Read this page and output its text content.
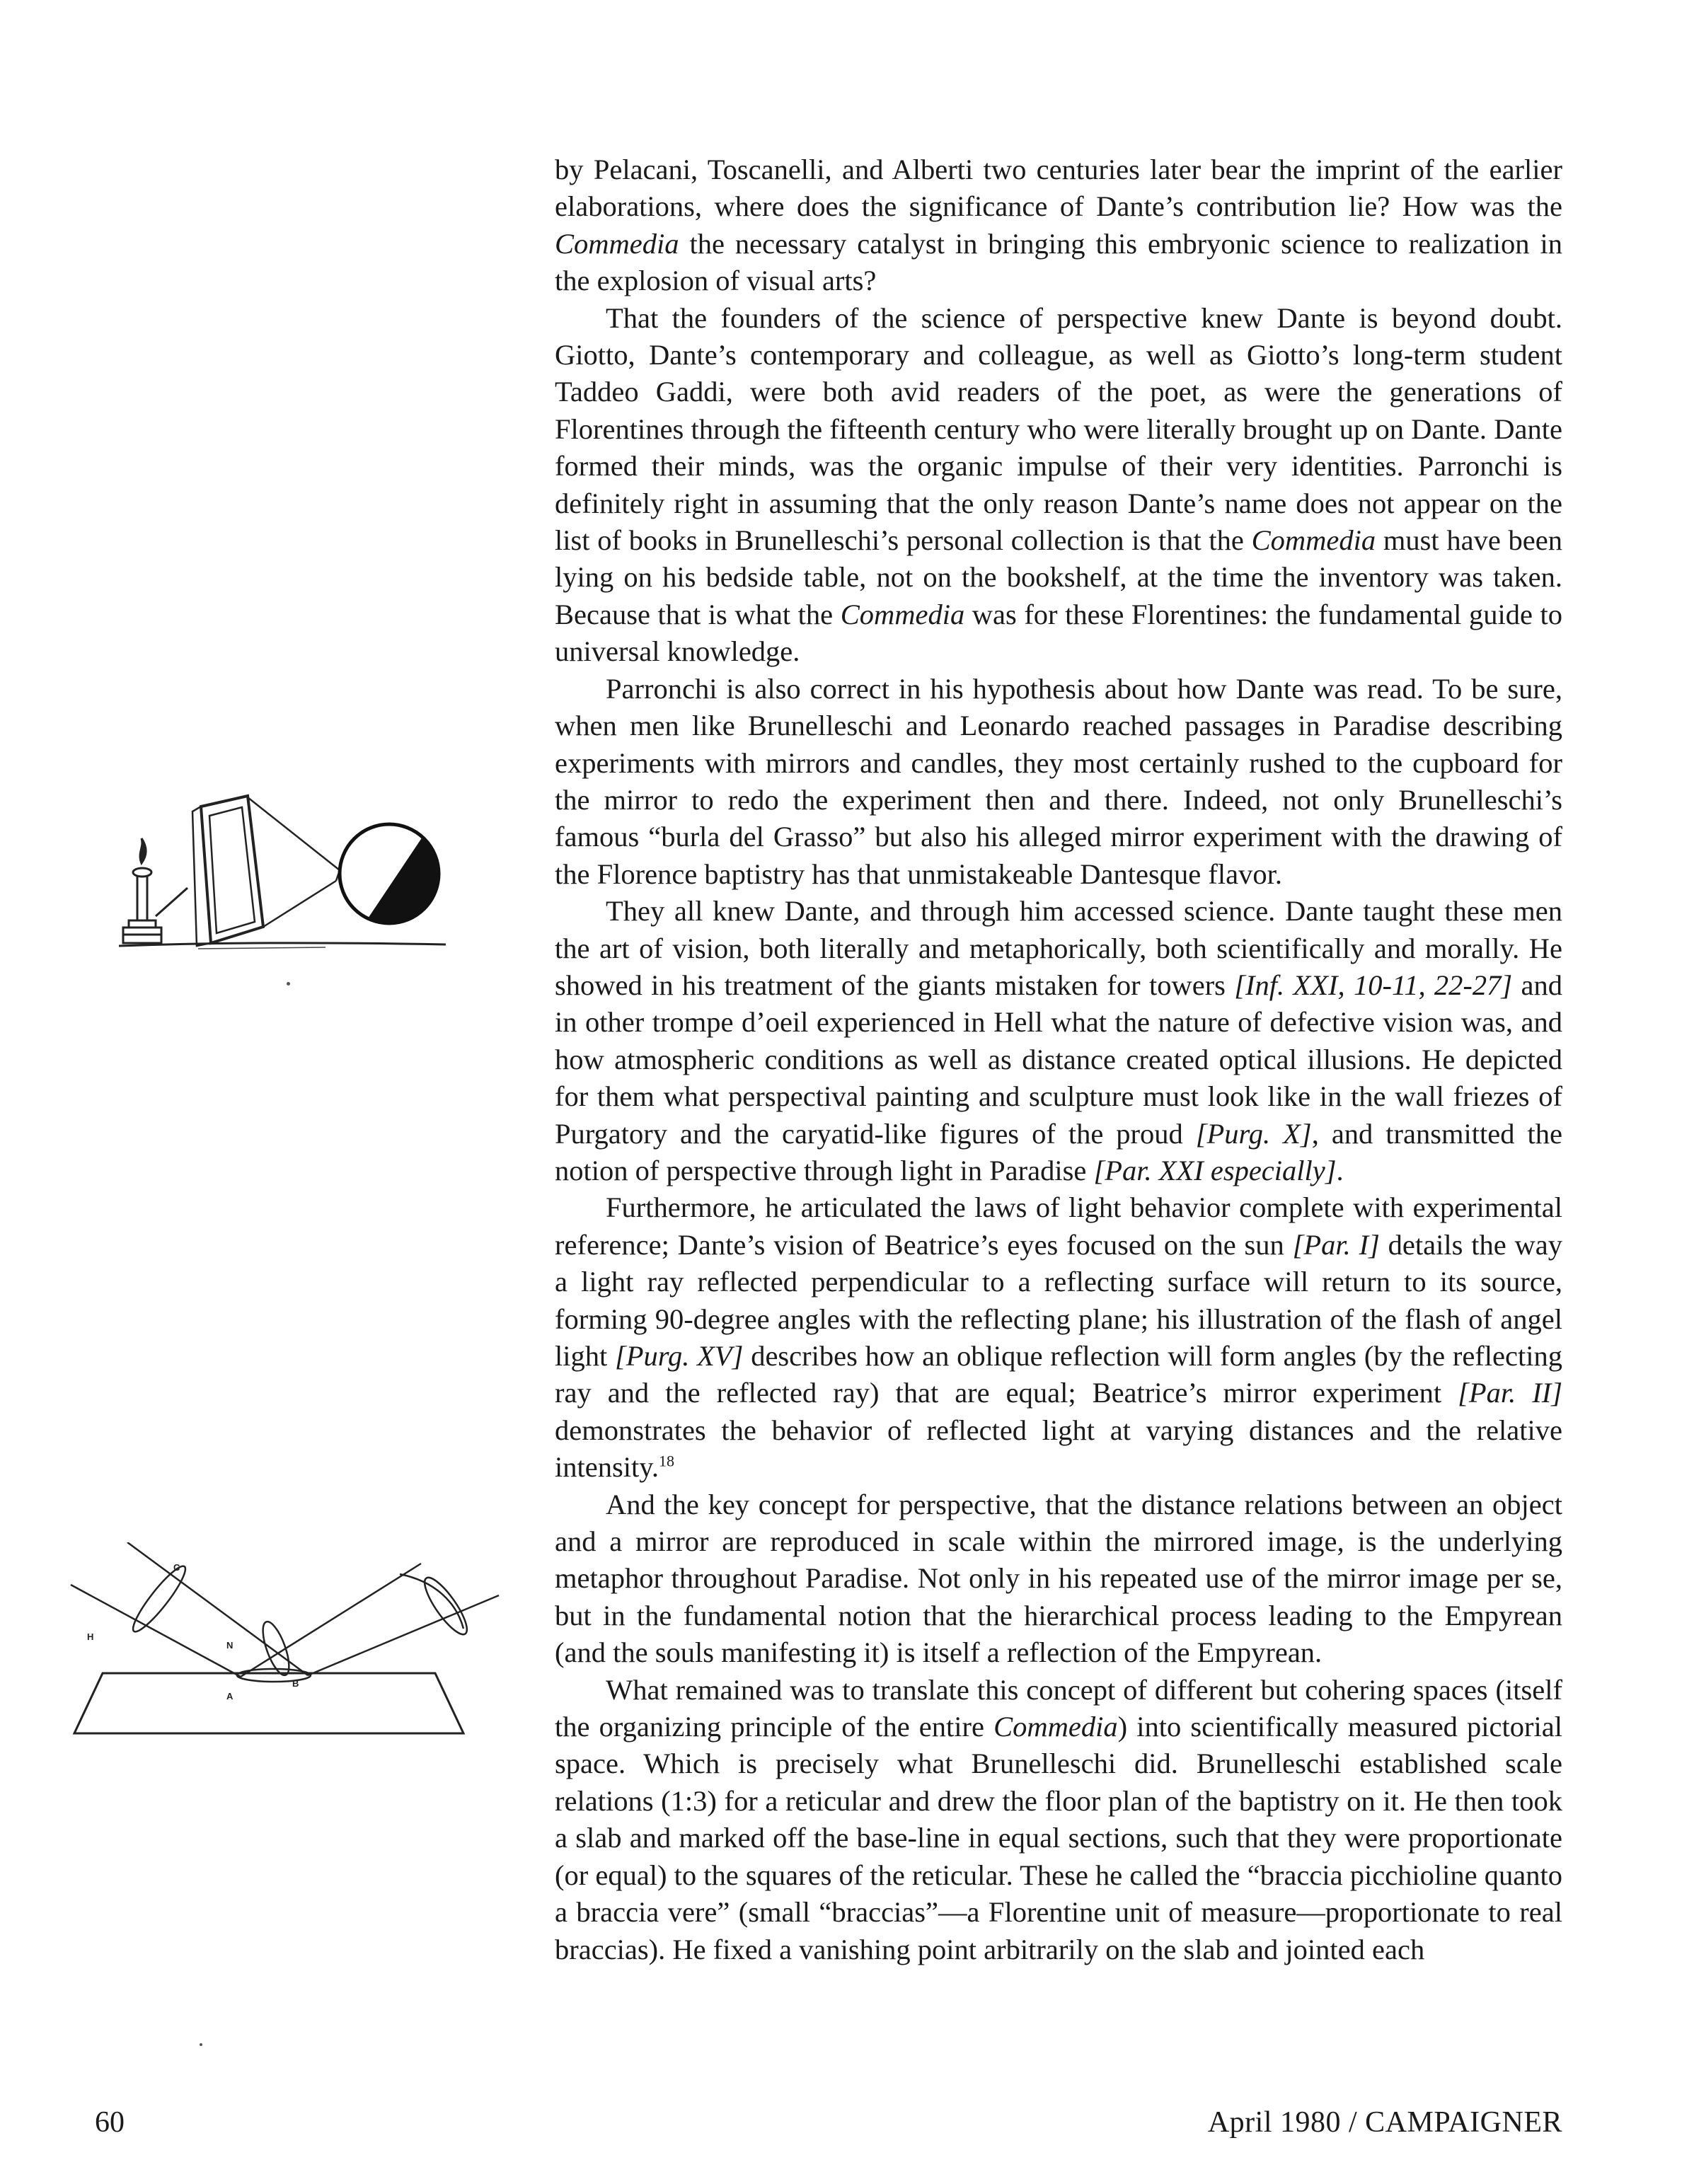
C
H
N
A
B

by Pelacani, Toscanelli, and Alberti two centuries later bear the imprint of the earlier elaborations, where does the significance of Dante’s contribution lie? How was the Commedia the necessary catalyst in bringing this embryonic science to realization in the explosion of visual arts?

That the founders of the science of perspective knew Dante is beyond doubt. Giotto, Dante’s contemporary and colleague, as well as Giotto’s long-term student Taddeo Gaddi, were both avid readers of the poet, as were the generations of Florentines through the fifteenth century who were literally brought up on Dante. Dante formed their minds, was the organic impulse of their very identities. Parronchi is definitely right in assuming that the only reason Dante’s name does not appear on the list of books in Brunelleschi’s personal collection is that the Commedia must have been lying on his bedside table, not on the bookshelf, at the time the inventory was taken. Because that is what the Commedia was for these Florentines: the fundamental guide to universal knowledge.

Parronchi is also correct in his hypothesis about how Dante was read. To be sure, when men like Brunelleschi and Leonardo reached passages in Paradise describing experiments with mirrors and candles, they most certainly rushed to the cupboard for the mirror to redo the experiment then and there. Indeed, not only Brunelleschi’s famous “burla del Grasso” but also his alleged mirror experiment with the drawing of the Florence baptistry has that unmistakeable Dantesque flavor.

They all knew Dante, and through him accessed science. Dante taught these men the art of vision, both literally and metaphorically, both scientifically and morally. He showed in his treatment of the giants mistaken for towers [Inf. XXI, 10-11, 22-27] and in other trompe d’oeil experienced in Hell what the nature of defective vision was, and how atmospheric conditions as well as distance created optical illusions. He depicted for them what perspectival painting and sculpture must look like in the wall friezes of Purgatory and the caryatid-like figures of the proud [Purg. X], and transmitted the notion of perspective through light in Paradise [Par. XXI especially].

Furthermore, he articulated the laws of light behavior complete with experimental reference; Dante’s vision of Beatrice’s eyes focused on the sun [Par. I] details the way a light ray reflected perpendicular to a reflecting surface will return to its source, forming 90-degree angles with the reflecting plane; his illustration of the flash of angel light [Purg. XV] describes how an oblique reflection will form angles (by the reflecting ray and the reflected ray) that are equal; Beatrice’s mirror experiment [Par. II] demonstrates the behavior of reflected light at varying distances and the relative intensity.$^{18}$

And the key concept for perspective, that the distance relations between an object and a mirror are reproduced in scale within the mirrored image, is the underlying metaphor throughout Paradise. Not only in his repeated use of the mirror image per se, but in the fundamental notion that the hierarchical process leading to the Empyrean (and the souls manifesting it) is itself a reflection of the Empyrean.

What remained was to translate this concept of different but cohering spaces (itself the organizing principle of the entire Commedia) into scientifically measured pictorial space. Which is precisely what Brunelleschi did. Brunelleschi established scale relations (1:3) for a reticular and drew the floor plan of the baptistry on it. He then took a slab and marked off the base-line in equal sections, such that they were proportionate (or equal) to the squares of the reticular. These he called the “braccia picchioline quanto a braccia vere” (small “braccias”—a Florentine unit of measure—proportionate to real braccias). He fixed a vanishing point arbitrarily on the slab and jointed each

60	April 1980 / CAMPAIGNER
